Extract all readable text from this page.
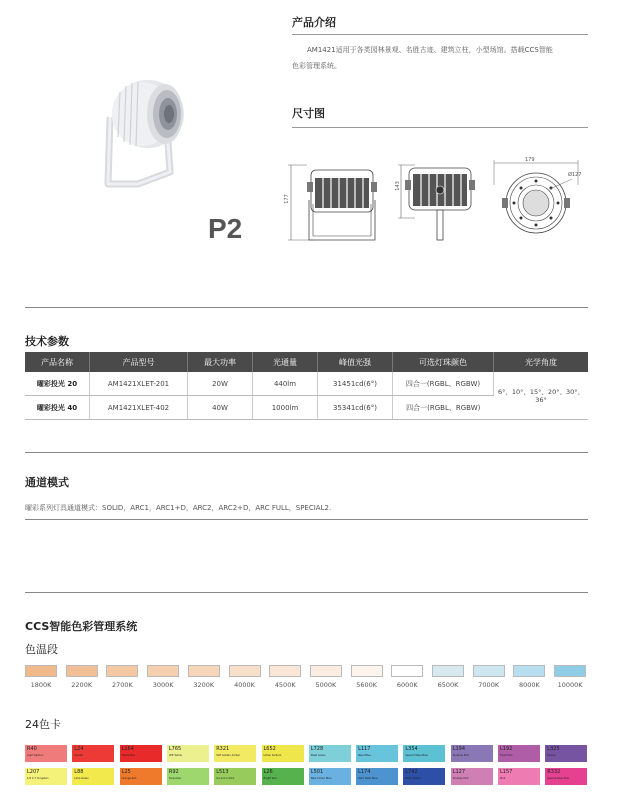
产品介绍
AM1421适用于各类园林景观、名胜古迹、建筑立柱，小型场馆。搭载CCS智能
色彩管理系统。
尺寸图
P2
177
143
179
Ø127
技术参数
产品名称	产品型号	最大功率	光通量	峰值光强	可选灯珠颜色	光学角度
曜彩投光 20	AM1421XLET-201	20W	440lm	31451cd(6°)	四合一(RGBL、RGBW)	6°、10°、15°、20°、30°、36°
曜彩投光 40	AM1421XLET-402	40W	1000lm	35341cd(6°)	四合一(RGBL、RGBW)	
通道模式
曜彩系列灯具通道模式：SOLID，ARC1，ARC1+D，ARC2，ARC2+D，ARC FULL，SPECIAL2.
CCS智能色彩管理系统
色温段
1800K	2200K	2700K	3000K	3200K	4000K	4500K	5000K	5600K	6000K	6500K	7000K	8000K	10000K
24色卡
R40
Light Salmon
L24
Scarlet
L164
Flame Red
L765
LEE Yellow
R321
Soft Golden Amber
L652
Urban Sodium
L728
Steel Green
L117
Steel Blue
L354
Special Steel Blue
L194
Surprise Pink
L192
Flesh Pink
L325
Mauve
L207
1/4 C.T. Tungsten
L88
Lime Green
L25
Orange Red
R92
Turquoise
L513
Ice and a Slice
L26
Bright Red
L501
New Colour Blue
L174
Dark Steel Blue
L742
Bram Brown
L127
Smokey Pink
L157
Pink
R332
Special Rose Pink
